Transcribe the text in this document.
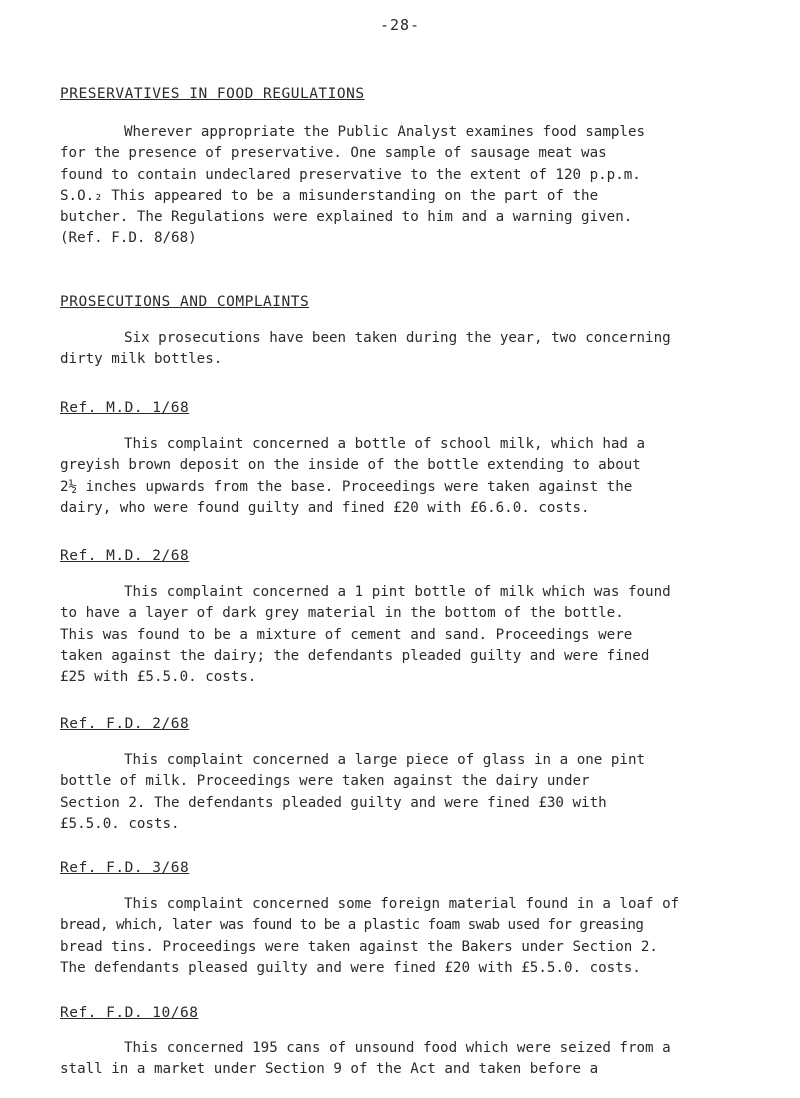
-28-
PRESERVATIVES IN FOOD REGULATIONS

Wherever appropriate the Public Analyst examines food samples
for the presence of preservative. One sample of sausage meat was
found to contain undeclared preservative to the extent of 120 p.p.m.
S.O.₂ This appeared to be a misunderstanding on the part of the
butcher. The Regulations were explained to him and a warning given.
(Ref. F.D. 8/68)

PROSECUTIONS AND COMPLAINTS

Six prosecutions have been taken during the year, two concerning
dirty milk bottles.

Ref. M.D. 1/68

This complaint concerned a bottle of school milk, which had a
greyish brown deposit on the inside of the bottle extending to about
2½ inches upwards from the base. Proceedings were taken against the
dairy, who were found guilty and fined £20 with £6.6.0. costs.

Ref. M.D. 2/68

This complaint concerned a 1 pint bottle of milk which was found
to have a layer of dark grey material in the bottom of the bottle.
This was found to be a mixture of cement and sand. Proceedings were
taken against the dairy; the defendants pleaded guilty and were fined
£25 with £5.5.0. costs.

Ref. F.D. 2/68

This complaint concerned a large piece of glass in a one pint
bottle of milk. Proceedings were taken against the dairy under
Section 2. The defendants pleaded guilty and were fined £30 with
£5.5.0. costs.

Ref. F.D. 3/68

This complaint concerned some foreign material found in a loaf of
bread, which, later was found to be a plastic foam swab used for greasing
bread tins. Proceedings were taken against the Bakers under Section 2.
The defendants pleased guilty and were fined £20 with £5.5.0. costs.

Ref. F.D. 10/68

This concerned 195 cans of unsound food which were seized from a
stall in a market under Section 9 of the Act and taken before a
